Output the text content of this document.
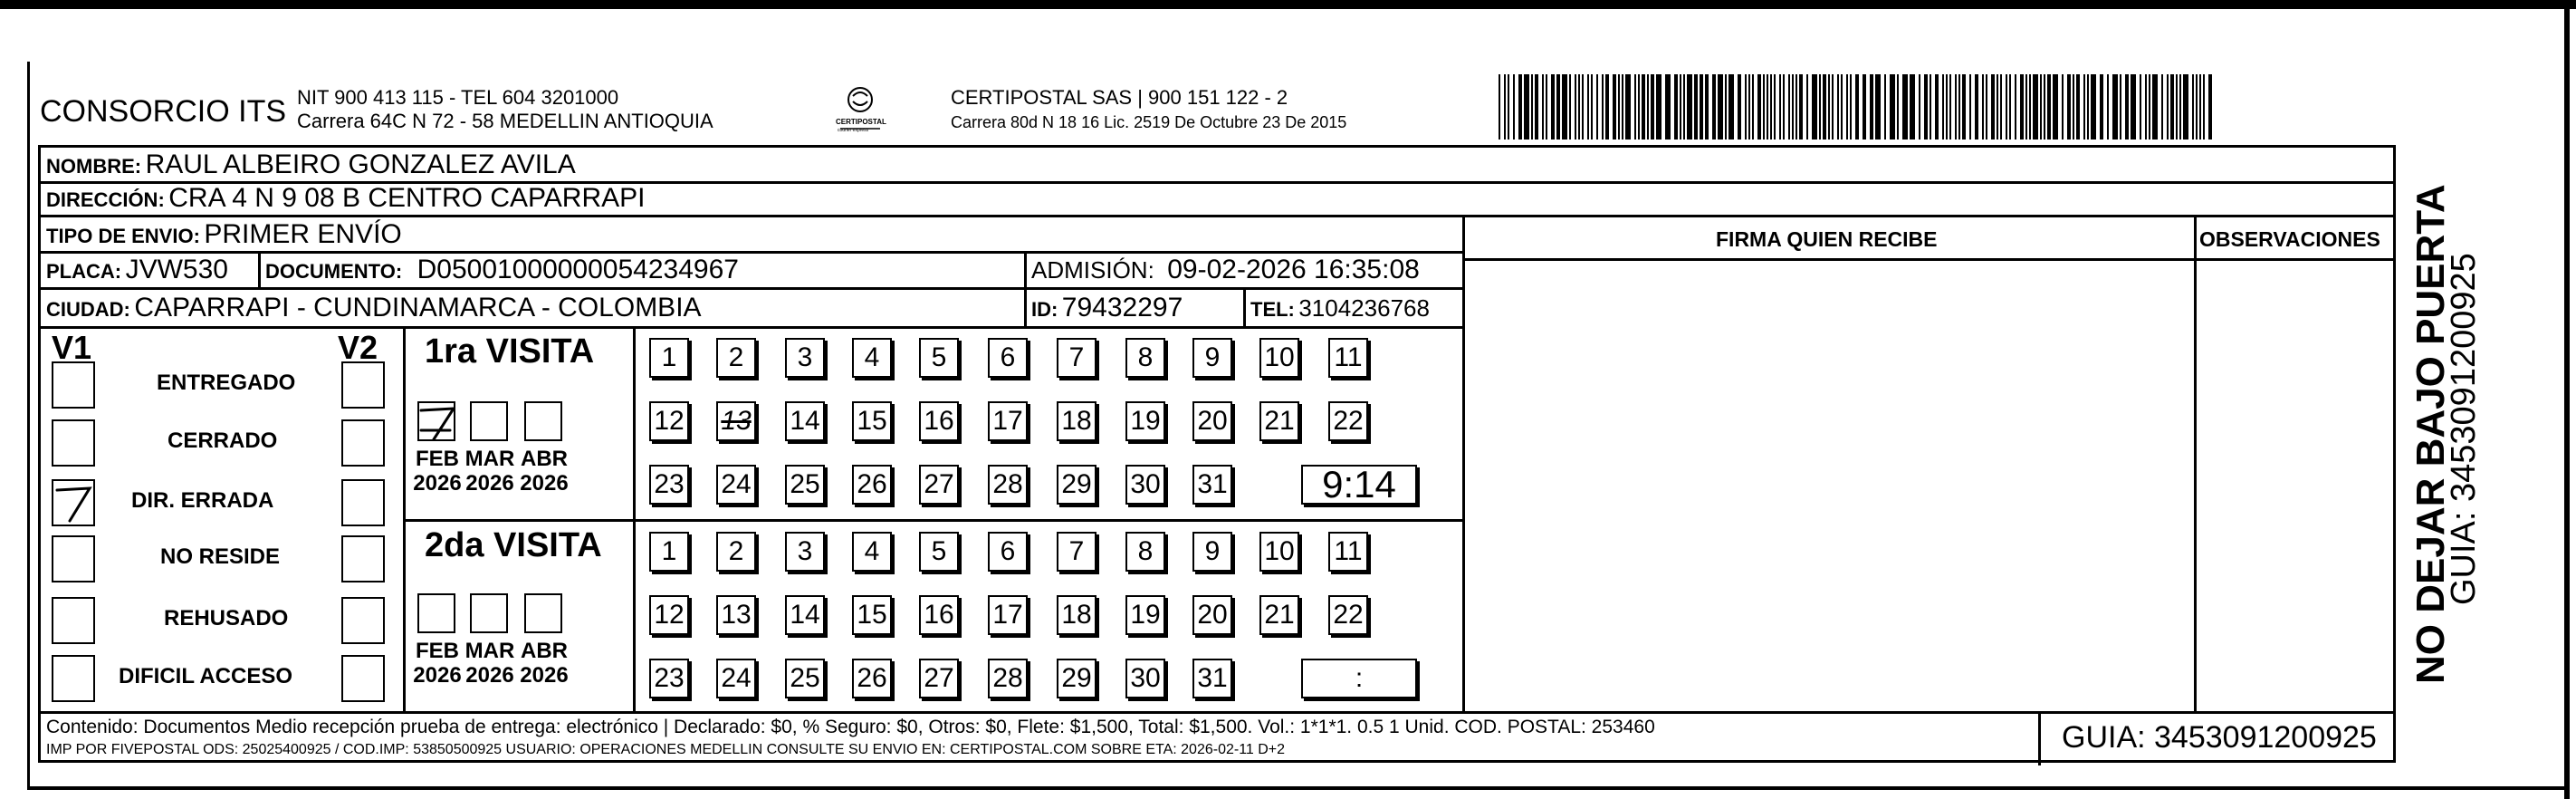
CONSORCIO ITS NIT 900 413 115 - TEL 604 3201000
Carrera 64C N 72 - 58 MEDELLIN ANTIOQUIA	CERTIPOSTAL
courier express
CERTIPOSTAL SAS | 900 151 122 - 2
Carrera 80d N 18 16 Lic. 2519 De Octubre 23 De 2015
NOMBRE: RAUL ALBEIRO GONZALEZ AVILA
DIRECCIÓN: CRA 4 N 9 08 B CENTRO CAPARRAPI
TIPO DE ENVIO: PRIMER ENVÍO	FIRMA QUIEN RECIBE	OBSERVACIONES
PLACA: JVW530 DOCUMENTO: D05001000000054234967	ADMISIÓN: 09-02-2026 16:35:08
CIUDAD: CAPARRAPI - CUNDINAMARCA - COLOMBIA	ID: 79432297	TEL: 3104236768
V1	V2
ENTREGADO
CERRADO
DIR. ERRADA
NO RESIDE
REHUSADO
DIFICIL ACCESO
1ra VISITA
FEB
2026
MAR
2026
ABR
2026
1	2	3	4	5	6	7	8	9	10 11
12 13 14 15 16 17 18 19 20 21 22
23 24 25 26 27 28 29 30 31	9:14
2da VISITA
FEB
2026
MAR
2026
ABR
2026
1	2	3	4	5	6	7	8	9	10 11
12 13 14 15 16 17 18 19 20 21 22
23 24 25 26 27 28 29 30 31	:
Contenido: Documentos Medio recepción prueba de entrega: electrónico | Declarado: $0, % Seguro: $0, Otros: $0, Flete: $1,500, Total: $1,500. Vol.: 1*1*1. 0.5 1 Unid. COD. POSTAL: 253460
IMP POR FIVEPOSTAL ODS: 25025400925 / COD.IMP: 53850500925 USUARIO: OPERACIONES MEDELLIN CONSULTE SU ENVIO EN: CERTIPOSTAL.COM SOBRE ETA: 2026-02-11 D+2	GUIA: 3453091200925
NO DEJAR BAJO PUERTA
GUIA: 3453091200925
